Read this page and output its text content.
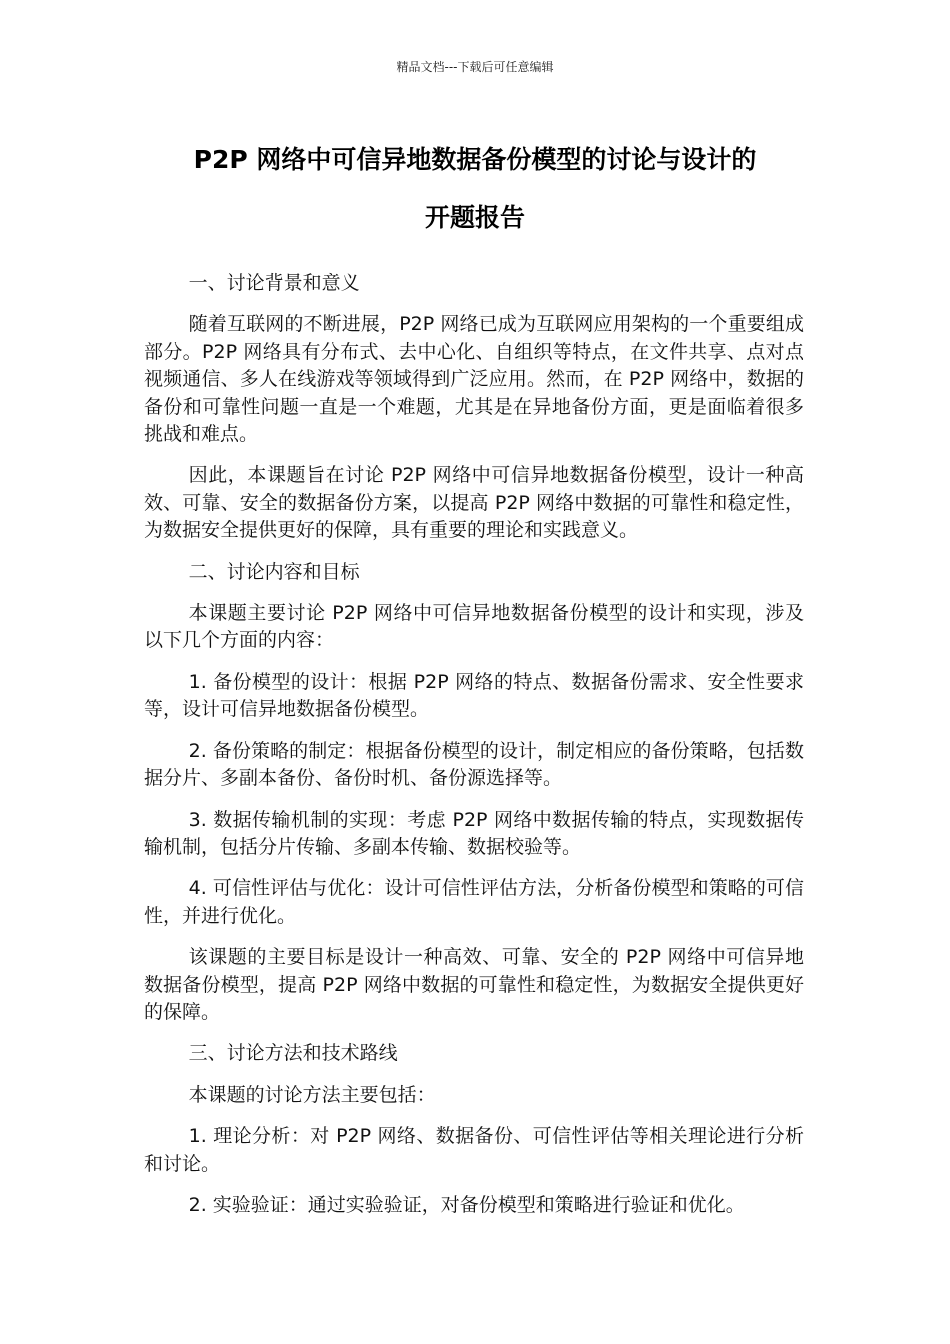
精品文档---下载后可任意编辑
P2P 网络中可信异地数据备份模型的讨论与设计的
开题报告

一、讨论背景和意义

随着互联网的不断进展，P2P 网络已成为互联网应用架构的一个重要组成部分。P2P 网络具有分布式、去中心化、自组织等特点，在文件共享、点对点视频通信、多人在线游戏等领域得到广泛应用。然而，在 P2P 网络中，数据的备份和可靠性问题一直是一个难题，尤其是在异地备份方面，更是面临着很多挑战和难点。

因此，本课题旨在讨论 P2P 网络中可信异地数据备份模型，设计一种高效、可靠、安全的数据备份方案，以提高 P2P 网络中数据的可靠性和稳定性，为数据安全提供更好的保障，具有重要的理论和实践意义。

二、讨论内容和目标

本课题主要讨论 P2P 网络中可信异地数据备份模型的设计和实现，涉及以下几个方面的内容：

1. 备份模型的设计：根据 P2P 网络的特点、数据备份需求、安全性要求等，设计可信异地数据备份模型。

2. 备份策略的制定：根据备份模型的设计，制定相应的备份策略，包括数据分片、多副本备份、备份时机、备份源选择等。

3. 数据传输机制的实现：考虑 P2P 网络中数据传输的特点，实现数据传输机制，包括分片传输、多副本传输、数据校验等。

4. 可信性评估与优化：设计可信性评估方法，分析备份模型和策略的可信性，并进行优化。

该课题的主要目标是设计一种高效、可靠、安全的 P2P 网络中可信异地数据备份模型，提高 P2P 网络中数据的可靠性和稳定性，为数据安全提供更好的保障。

三、讨论方法和技术路线

本课题的讨论方法主要包括：

1. 理论分析：对 P2P 网络、数据备份、可信性评估等相关理论进行分析和讨论。

2. 实验验证：通过实验验证，对备份模型和策略进行验证和优化。
